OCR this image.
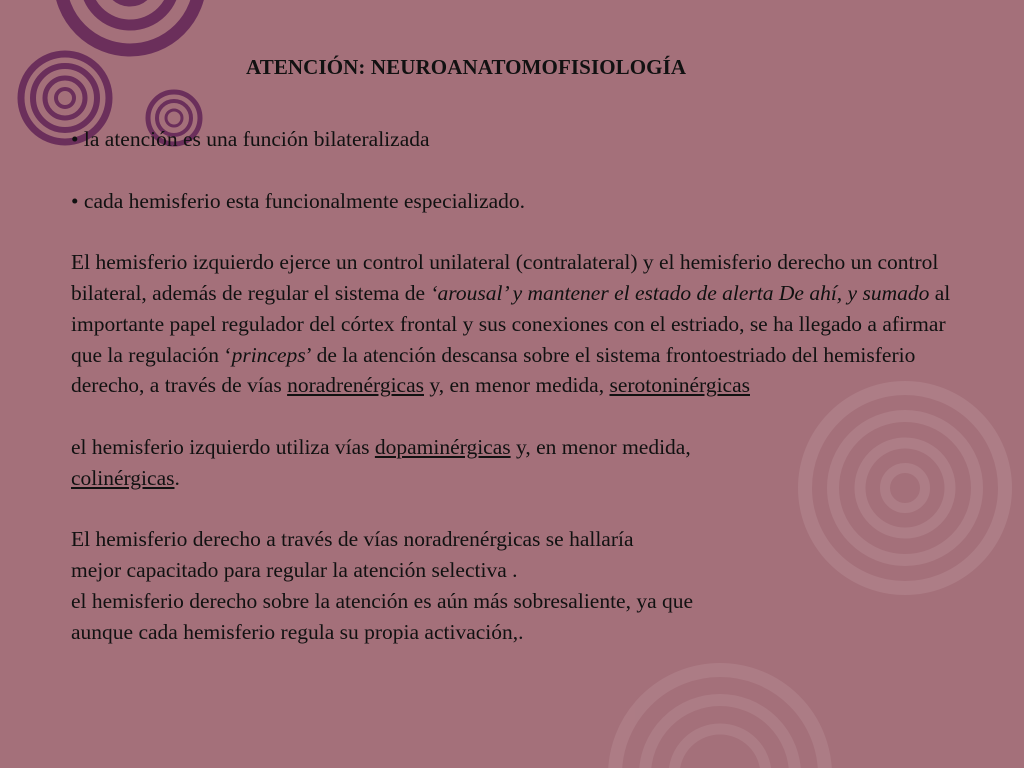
ATENCIÓN: NEUROANATOMOFISIOLOGÍA

• la atención es una función bilateralizada

• cada hemisferio esta funcionalmente especializado.

El hemisferio izquierdo ejerce un control unilateral (contralateral) y el hemisferio derecho un control bilateral, además de regular el sistema de ‘arousal’ y mantener el estado de alerta De ahí, y sumado al importante papel regulador del córtex frontal y sus conexiones con el estriado, se ha llegado a afirmar que la regulación ‘princeps’ de la atención descansa sobre el sistema frontoestriado del hemisferio derecho, a través de vías noradrenérgicas y, en menor medida, serotoninérgicas

el hemisferio izquierdo utiliza vías dopaminérgicas y, en menor medida,
colinérgicas.

El hemisferio derecho a través de vías noradrenérgicas se hallaría
mejor capacitado para regular la atención selectiva .
el hemisferio derecho sobre la atención es aún más sobresaliente, ya que
aunque cada hemisferio regula su propia activación,.
